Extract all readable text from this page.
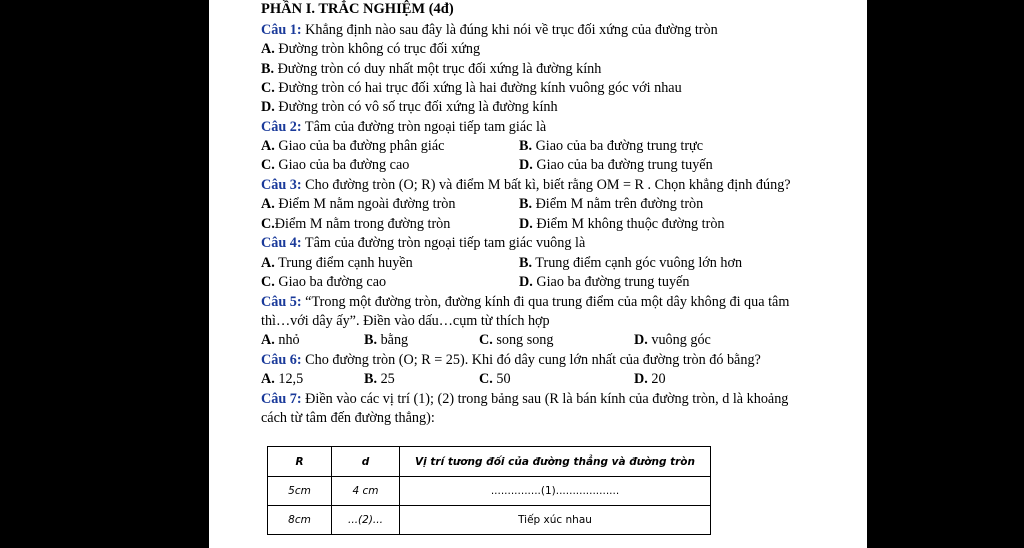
PHẦN I. TRẮC NGHIỆM (4đ)
Câu 1: Khẳng định nào sau đây là đúng khi nói về trục đối xứng của đường tròn
A. Đường tròn không có trục đối xứng
B. Đường tròn có duy nhất một trục đối xứng là đường kính
C. Đường tròn có hai trục đối xứng là hai đường kính vuông góc với nhau
D. Đường tròn có vô số trục đối xứng là đường kính
Câu 2: Tâm của đường tròn ngoại tiếp tam giác là
A. Giao của ba đường phân giác	B. Giao của ba đường trung trực
C. Giao của ba đường cao	D. Giao của ba đường trung tuyến
Câu 3: Cho đường tròn (O; R) và điểm M bất kì, biết rằng OM = R . Chọn khẳng định đúng?
A. Điểm M nằm ngoài đường tròn	B. Điểm M nằm trên đường tròn
C.Điểm M nằm trong đường tròn	D. Điểm M không thuộc đường tròn
Câu 4: Tâm của đường tròn ngoại tiếp tam giác vuông là
A. Trung điểm cạnh huyền	B. Trung điểm cạnh góc vuông lớn hơn
C. Giao ba đường cao	D. Giao ba đường trung tuyến
Câu 5: “Trong một đường tròn, đường kính đi qua trung điểm của một dây không đi qua tâm
thì…với dây ấy”. Điền vào dấu…cụm từ thích hợp
A. nhỏ	B. bằng	C. song song	D. vuông góc
Câu 6: Cho đường tròn (O; R = 25). Khi đó dây cung lớn nhất của đường tròn đó bằng?
A. 12,5	B. 25	C. 50	D. 20
Câu 7: Điền vào các vị trí (1); (2) trong bảng sau (R là bán kính của đường tròn, d là khoảng
cách từ tâm đến đường thẳng):
R	d	Vị trí tương đối của đường thẳng và đường tròn
5cm	4 cm	...............(1)...................
8cm	...(2)...	Tiếp xúc nhau
